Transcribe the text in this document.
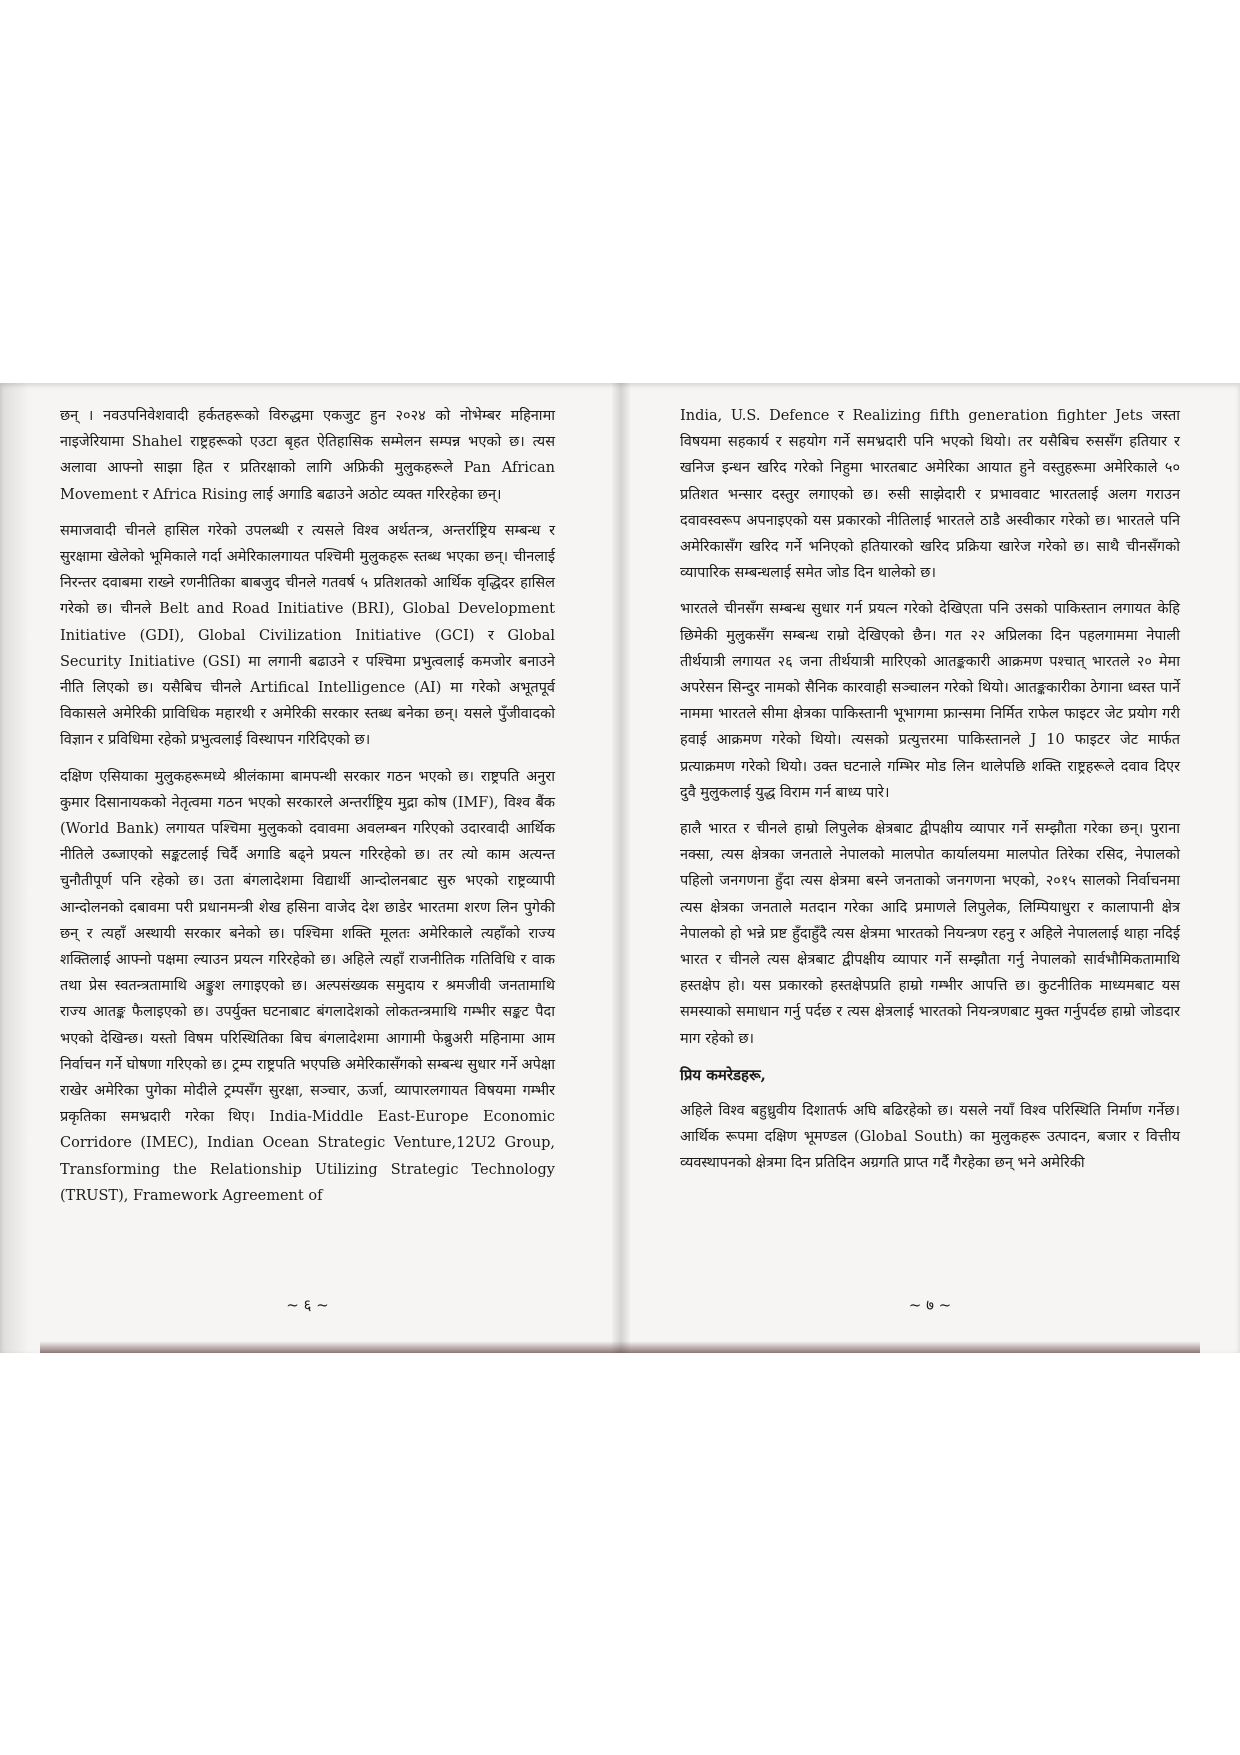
छन् । नवउपनिवेशवादी हर्कतहरूको विरुद्धमा एकजुट हुन २०२४ को नोभेम्बर महिनामा नाइजेरियामा Shahel राष्ट्रहरूको एउटा बृहत ऐतिहासिक सम्मेलन सम्पन्न भएको छ। त्यस अलावा आफ्नो साझा हित र प्रतिरक्षाको लागि अफ्रिकी मुलुकहरूले Pan African Movement र Africa Rising लाई अगाडि बढाउने अठोट व्यक्त गरिरहेका छन्।

समाजवादी चीनले हासिल गरेको उपलब्धी र त्यसले विश्व अर्थतन्त्र, अन्तर्राष्ट्रिय सम्बन्ध र सुरक्षामा खेलेको भूमिकाले गर्दा अमेरिकालगायत पश्चिमी मुलुकहरू स्तब्ध भएका छन्। चीनलाई निरन्तर दवाबमा राख्ने रणनीतिका बाबजुद चीनले गतवर्ष ५ प्रतिशतको आर्थिक वृद्धिदर हासिल गरेको छ। चीनले Belt and Road Initiative (BRI), Global Development Initiative (GDI), Global Civilization Initiative (GCI) र Global Security Initiative (GSI) मा लगानी बढाउने र पश्चिमा प्रभुत्वलाई कमजोर बनाउने नीति लिएको छ। यसैबिच चीनले Artifical Intelligence (AI) मा गरेको अभूतपूर्व विकासले अमेरिकी प्राविधिक महारथी र अमेरिकी सरकार स्तब्ध बनेका छन्। यसले पुँजीवादको विज्ञान र प्रविधिमा रहेको प्रभुत्वलाई विस्थापन गरिदिएको छ।

दक्षिण एसियाका मुलुकहरूमध्ये श्रीलंकामा बामपन्थी सरकार गठन भएको छ। राष्ट्रपति अनुरा कुमार दिसानायकको नेतृत्वमा गठन भएको सरकारले अन्तर्राष्ट्रिय मुद्रा कोष (IMF), विश्व बैंक (World Bank) लगायत पश्चिमा मुलुकको दवावमा अवलम्बन गरिएको उदारवादी आर्थिक नीतिले उब्जाएको सङ्कटलाई चिर्दै अगाडि बढ्ने प्रयत्न गरिरहेको छ। तर त्यो काम अत्यन्त चुनौतीपूर्ण पनि रहेको छ। उता बंगलादेशमा विद्यार्थी आन्दोलनबाट सुरु भएको राष्ट्रव्यापी आन्दोलनको दबावमा परी प्रधानमन्त्री शेख हसिना वाजेद देश छाडेर भारतमा शरण लिन पुगेकी छन् र त्यहाँ अस्थायी सरकार बनेको छ। पश्चिमा शक्ति मूलतः अमेरिकाले त्यहाँको राज्य शक्तिलाई आफ्नो पक्षमा ल्याउन प्रयत्न गरिरहेको छ। अहिले त्यहाँ राजनीतिक गतिविधि र वाक तथा प्रेस स्वतन्त्रतामाथि अङ्कुश लगाइएको छ। अल्पसंख्यक समुदाय र श्रमजीवी जनतामाथि राज्य आतङ्क फैलाइएको छ। उपर्युक्त घटनाबाट बंगलादेशको लोकतन्त्रमाथि गम्भीर सङ्कट पैदा भएको देखिन्छ। यस्तो विषम परिस्थितिका बिच बंगलादेशमा आगामी फेब्रुअरी महिनामा आम निर्वाचन गर्ने घोषणा गरिएको छ। ट्रम्प राष्ट्रपति भएपछि अमेरिकासँगको सम्बन्ध सुधार गर्ने अपेक्षा राखेर अमेरिका पुगेका मोदीले ट्रम्पसँग सुरक्षा, सञ्चार, ऊर्जा, व्यापारलगायत विषयमा गम्भीर प्रकृतिका समभ्रदारी गरेका थिए। India-Middle East-Europe Economic Corridore (IMEC), Indian Ocean Strategic Venture,12U2 Group, Transforming the Relationship Utilizing Strategic Technology (TRUST), Framework Agreement of

~ ६ ~

India, U.S. Defence र Realizing fifth generation fighter Jets जस्ता विषयमा सहकार्य र सहयोग गर्ने समभ्रदारी पनि भएको थियो। तर यसैबिच रुससँग हतियार र खनिज इन्धन खरिद गरेको निहुमा भारतबाट अमेरिका आयात हुने वस्तुहरूमा अमेरिकाले ५० प्रतिशत भन्सार दस्तुर लगाएको छ। रुसी साझेदारी र प्रभाववाट भारतलाई अलग गराउन दवावस्वरूप अपनाइएको यस प्रकारको नीतिलाई भारतले ठाडै अस्वीकार गरेको छ। भारतले पनि अमेरिकासँग खरिद गर्ने भनिएको हतियारको खरिद प्रक्रिया खारेज गरेको छ। साथै चीनसँगको व्यापारिक सम्बन्धलाई समेत जोड दिन थालेको छ।

भारतले चीनसँग सम्बन्ध सुधार गर्न प्रयत्न गरेको देखिएता पनि उसको पाकिस्तान लगायत केहि छिमेकी मुलुकसँग सम्बन्ध राम्रो देखिएको छैन। गत २२ अप्रिलका दिन पहलगाममा नेपाली तीर्थयात्री लगायत २६ जना तीर्थयात्री मारिएको आतङ्ककारी आक्रमण पश्चात् भारतले २० मेमा अपरेसन सिन्दुर नामको सैनिक कारवाही सञ्चालन गरेको थियो। आतङ्ककारीका ठेगाना ध्वस्त पार्ने नाममा भारतले सीमा क्षेत्रका पाकिस्तानी भूभागमा फ्रान्समा निर्मित राफेल फाइटर जेट प्रयोग गरी हवाई आक्रमण गरेको थियो। त्यसको प्रत्युत्तरमा पाकिस्तानले J 10 फाइटर जेट मार्फत प्रत्याक्रमण गरेको थियो। उक्त घटनाले गम्भिर मोड लिन थालेपछि शक्ति राष्ट्रहरूले दवाव दिएर दुवै मुलुकलाई युद्ध विराम गर्न बाध्य पारे।

हालै भारत र चीनले हाम्रो लिपुलेक क्षेत्रबाट द्वीपक्षीय व्यापार गर्ने सम्झौता गरेका छन्। पुराना नक्सा, त्यस क्षेत्रका जनताले नेपालको मालपोत कार्यालयमा मालपोत तिरेका रसिद, नेपालको पहिलो जनगणना हुँदा त्यस क्षेत्रमा बस्ने जनताको जनगणना भएको, २०१५ सालको निर्वाचनमा त्यस क्षेत्रका जनताले मतदान गरेका आदि प्रमाणले लिपुलेक, लिम्पियाधुरा र कालापानी क्षेत्र नेपालको हो भन्ने प्रष्ट हुँदाहुँदै त्यस क्षेत्रमा भारतको नियन्त्रण रहनु र अहिले नेपाललाई थाहा नदिई भारत र चीनले त्यस क्षेत्रबाट द्वीपक्षीय व्यापार गर्ने सम्झौता गर्नु नेपालको सार्वभौमिकतामाथि हस्तक्षेप हो। यस प्रकारको हस्तक्षेपप्रति हाम्रो गम्भीर आपत्ति छ। कुटनीतिक माध्यमबाट यस समस्याको समाधान गर्नु पर्दछ र त्यस क्षेत्रलाई भारतको नियन्त्रणबाट मुक्त गर्नुपर्दछ हाम्रो जोडदार माग रहेको छ।

प्रिय कमरेडहरू,

अहिले विश्व बहुध्रुवीय दिशातर्फ अघि बढिरहेको छ। यसले नयाँ विश्व परिस्थिति निर्माण गर्नेछ। आर्थिक रूपमा दक्षिण भूमण्डल (Global South) का मुलुकहरू उत्पादन, बजार र वित्तीय व्यवस्थापनको क्षेत्रमा दिन प्रतिदिन अग्रगति प्राप्त गर्दै गैरहेका छन् भने अमेरिकी

~ ७ ~
